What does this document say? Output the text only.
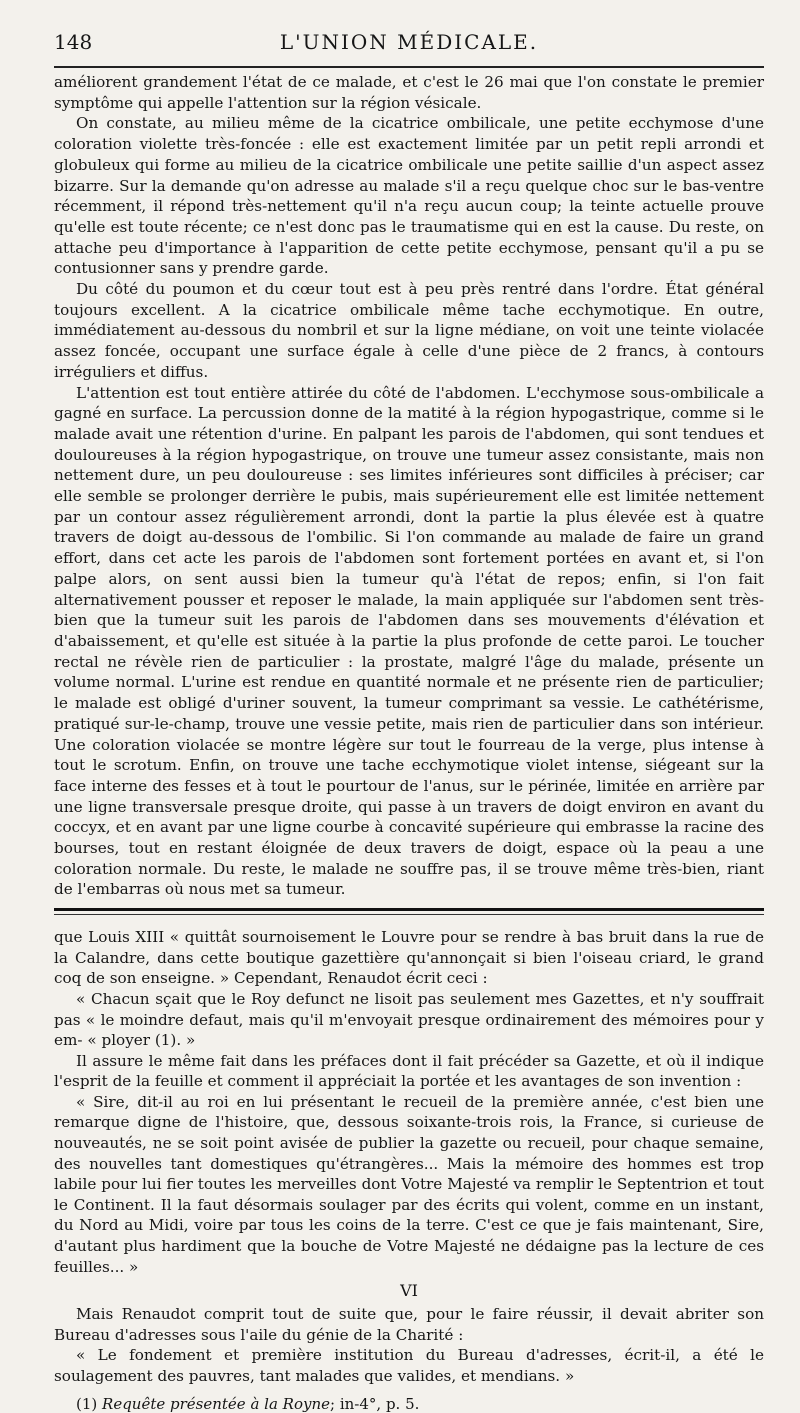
148	L'UNION MÉDICALE.

améliorent grandement l'état de ce malade, et c'est le 26 mai que l'on constate le premier symptôme qui appelle l'attention sur la région vésicale.

On constate, au milieu même de la cicatrice ombilicale, une petite ecchymose d'une coloration violette très-foncée : elle est exactement limitée par un petit repli arrondi et globuleux qui forme au milieu de la cicatrice ombilicale une petite saillie d'un aspect assez bizarre. Sur la demande qu'on adresse au malade s'il a reçu quelque choc sur le bas-ventre récemment, il répond très-nettement qu'il n'a reçu aucun coup; la teinte actuelle prouve qu'elle est toute récente; ce n'est donc pas le traumatisme qui en est la cause. Du reste, on attache peu d'importance à l'apparition de cette petite ecchymose, pensant qu'il a pu se contusionner sans y prendre garde.

Du côté du poumon et du cœur tout est à peu près rentré dans l'ordre. État général toujours excellent. A la cicatrice ombilicale même tache ecchymotique. En outre, immédiatement au-dessous du nombril et sur la ligne médiane, on voit une teinte violacée assez foncée, occupant une surface égale à celle d'une pièce de 2 francs, à contours irréguliers et diffus.

L'attention est tout entière attirée du côté de l'abdomen. L'ecchymose sous-ombilicale a gagné en surface. La percussion donne de la matité à la région hypogastrique, comme si le malade avait une rétention d'urine. En palpant les parois de l'abdomen, qui sont tendues et douloureuses à la région hypogastrique, on trouve une tumeur assez consistante, mais non nettement dure, un peu douloureuse : ses limites inférieures sont difficiles à préciser; car elle semble se prolonger derrière le pubis, mais supérieurement elle est limitée nettement par un contour assez régulièrement arrondi, dont la partie la plus élevée est à quatre travers de doigt au-dessous de l'ombilic. Si l'on commande au malade de faire un grand effort, dans cet acte les parois de l'abdomen sont fortement portées en avant et, si l'on palpe alors, on sent aussi bien la tumeur qu'à l'état de repos; enfin, si l'on fait alternativement pousser et reposer le malade, la main appliquée sur l'abdomen sent très-bien que la tumeur suit les parois de l'abdomen dans ses mouvements d'élévation et d'abaissement, et qu'elle est située à la partie la plus profonde de cette paroi. Le toucher rectal ne révèle rien de particulier : la prostate, malgré l'âge du malade, présente un volume normal. L'urine est rendue en quantité normale et ne présente rien de particulier; le malade est obligé d'uriner souvent, la tumeur comprimant sa vessie. Le cathétérisme, pratiqué sur-le-champ, trouve une vessie petite, mais rien de particulier dans son intérieur. Une coloration violacée se montre légère sur tout le fourreau de la verge, plus intense à tout le scrotum. Enfin, on trouve une tache ecchymotique violet intense, siégeant sur la face interne des fesses et à tout le pourtour de l'anus, sur le périnée, limitée en arrière par une ligne transversale presque droite, qui passe à un travers de doigt environ en avant du coccyx, et en avant par une ligne courbe à concavité supérieure qui embrasse la racine des bourses, tout en restant éloignée de deux travers de doigt, espace où la peau a une coloration normale. Du reste, le malade ne souffre pas, il se trouve même très-bien, riant de l'embarras où nous met sa tumeur.

que Louis XIII « quittât sournoisement le Louvre pour se rendre à bas bruit dans la rue de la Calandre, dans cette boutique gazettière qu'annonçait si bien l'oiseau criard, le grand coq de son enseigne. » Cependant, Renaudot écrit ceci :

« Chacun sçait que le Roy defunct ne lisoit pas seulement mes Gazettes, et n'y souffrait pas « le moindre defaut, mais qu'il m'envoyait presque ordinairement des mémoires pour y em- « ployer (1). »

Il assure le même fait dans les préfaces dont il fait précéder sa Gazette, et où il indique l'esprit de la feuille et comment il appréciait la portée et les avantages de son invention :

« Sire, dit-il au roi en lui présentant le recueil de la première année, c'est bien une remarque digne de l'histoire, que, dessous soixante-trois rois, la France, si curieuse de nouveautés, ne se soit point avisée de publier la gazette ou recueil, pour chaque semaine, des nouvelles tant domestiques qu'étrangères... Mais la mémoire des hommes est trop labile pour lui fier toutes les merveilles dont Votre Majesté va remplir le Septentrion et tout le Continent. Il la faut désormais soulager par des écrits qui volent, comme en un instant, du Nord au Midi, voire par tous les coins de la terre. C'est ce que je fais maintenant, Sire, d'autant plus hardiment que la bouche de Votre Majesté ne dédaigne pas la lecture de ces feuilles... »

VI

Mais Renaudot comprit tout de suite que, pour le faire réussir, il devait abriter son Bureau d'adresses sous l'aile du génie de la Charité :

« Le fondement et première institution du Bureau d'adresses, écrit-il, a été le soulagement des pauvres, tant malades que valides, et mendians. »

(1) Requête présentée à la Royne; in-4°, p. 5.
